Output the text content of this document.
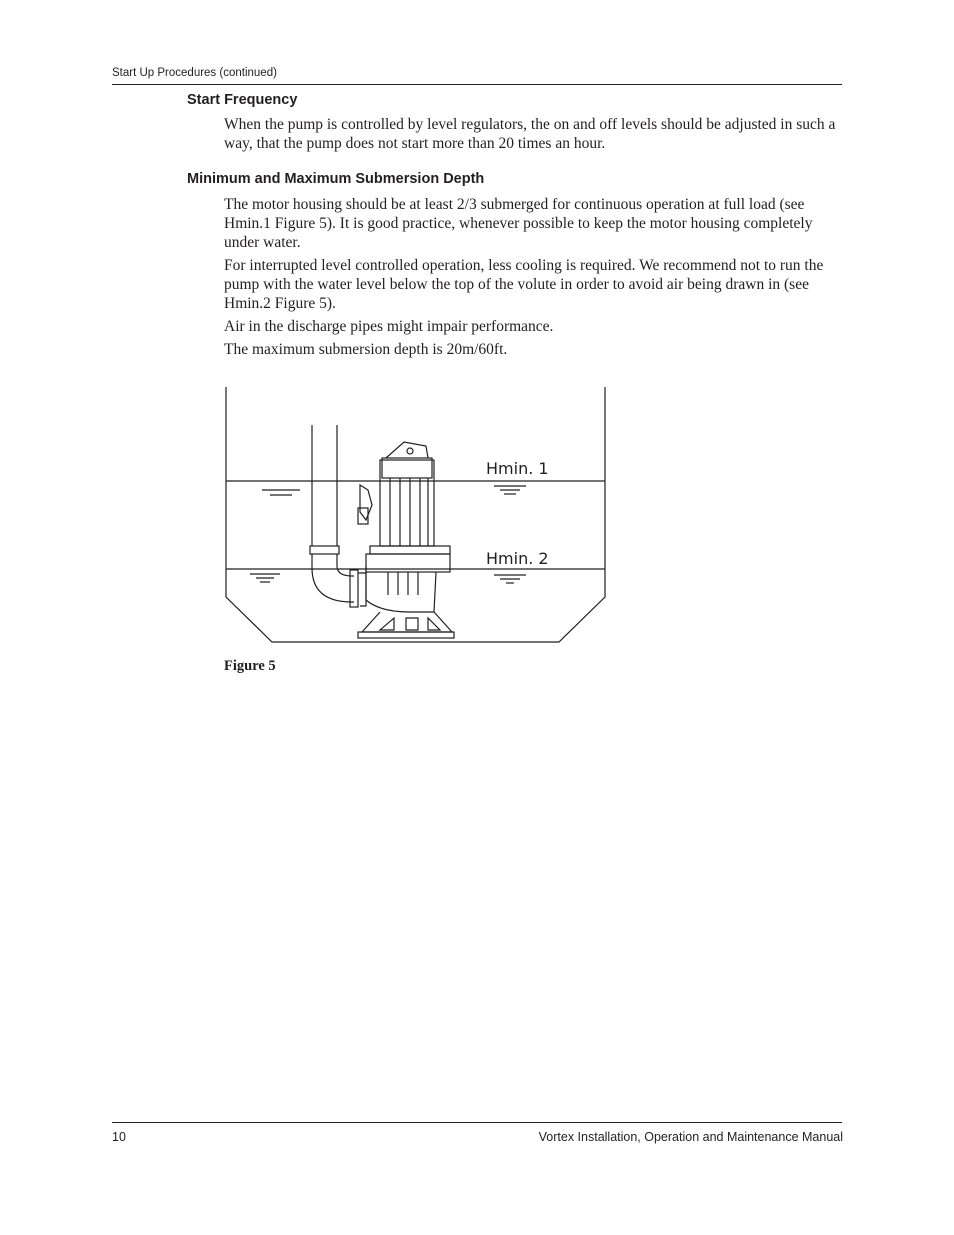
Start Up Procedures (continued)
Start Frequency

When the pump is controlled by level regulators, the on and off levels should be adjusted in such a way, that the pump does not start more than 20 times an hour.

Minimum and Maximum Submersion Depth

The motor housing should be at least 2/3 submerged for continuous operation at full load (see Hmin.1 Figure 5). It is good practice, whenever possible to keep the motor housing completely under water.

For interrupted level controlled operation, less cooling is required. We recommend not to run the pump with the water level below the top of the volute in order to avoid air being drawn in (see Hmin.2 Figure 5).

Air in the discharge pipes might impair performance.

The maximum submersion depth is 20m/60ft.

Hmin. 1
Hmin. 2
Figure 5
10	Vortex Installation, Operation and Maintenance Manual
